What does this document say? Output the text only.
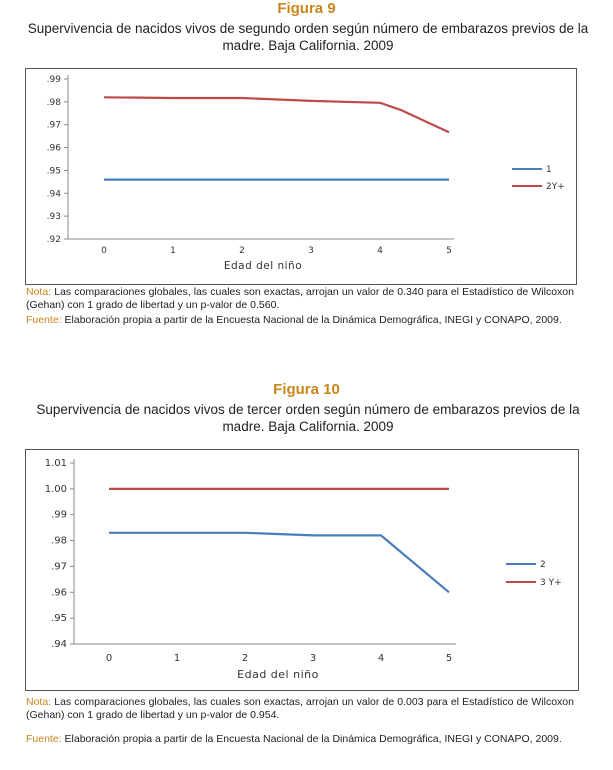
Figura 9
Supervivencia de nacidos vivos de segundo orden según número de embarazos previos de la madre. Baja California. 2009
.92
.93
.94
.95
.96
.97
.98
.99
0	1	2	3	4	5
Edad del niño
1
2Y+
Nota: Las comparaciones globales, las cuales son exactas, arrojan un valor de 0.340 para el Estadístico de Wilcoxon (Gehan) con 1 grado de libertad y un p-valor de 0.560.
Fuente: Elaboración propia a partir de la Encuesta Nacional de la Dinámica Demográfica, INEGI y CONAPO, 2009.
Figura 10
Supervivencia de nacidos vivos de tercer orden según número de embarazos previos de la madre. Baja California. 2009
.94
.95
.96
.97
.98
.99
1.00
1.01
0	1	2	3	4	5
Edad del niño
2
3 Y+
Nota: Las comparaciones globales, las cuales son exactas, arrojan un valor de 0.003 para el Estadístico de Wilcoxon (Gehan) con 1 grado de libertad y un p-valor de 0.954.
Fuente: Elaboración propia a partir de la Encuesta Nacional de la Dinámica Demográfica, INEGI y CONAPO, 2009.
